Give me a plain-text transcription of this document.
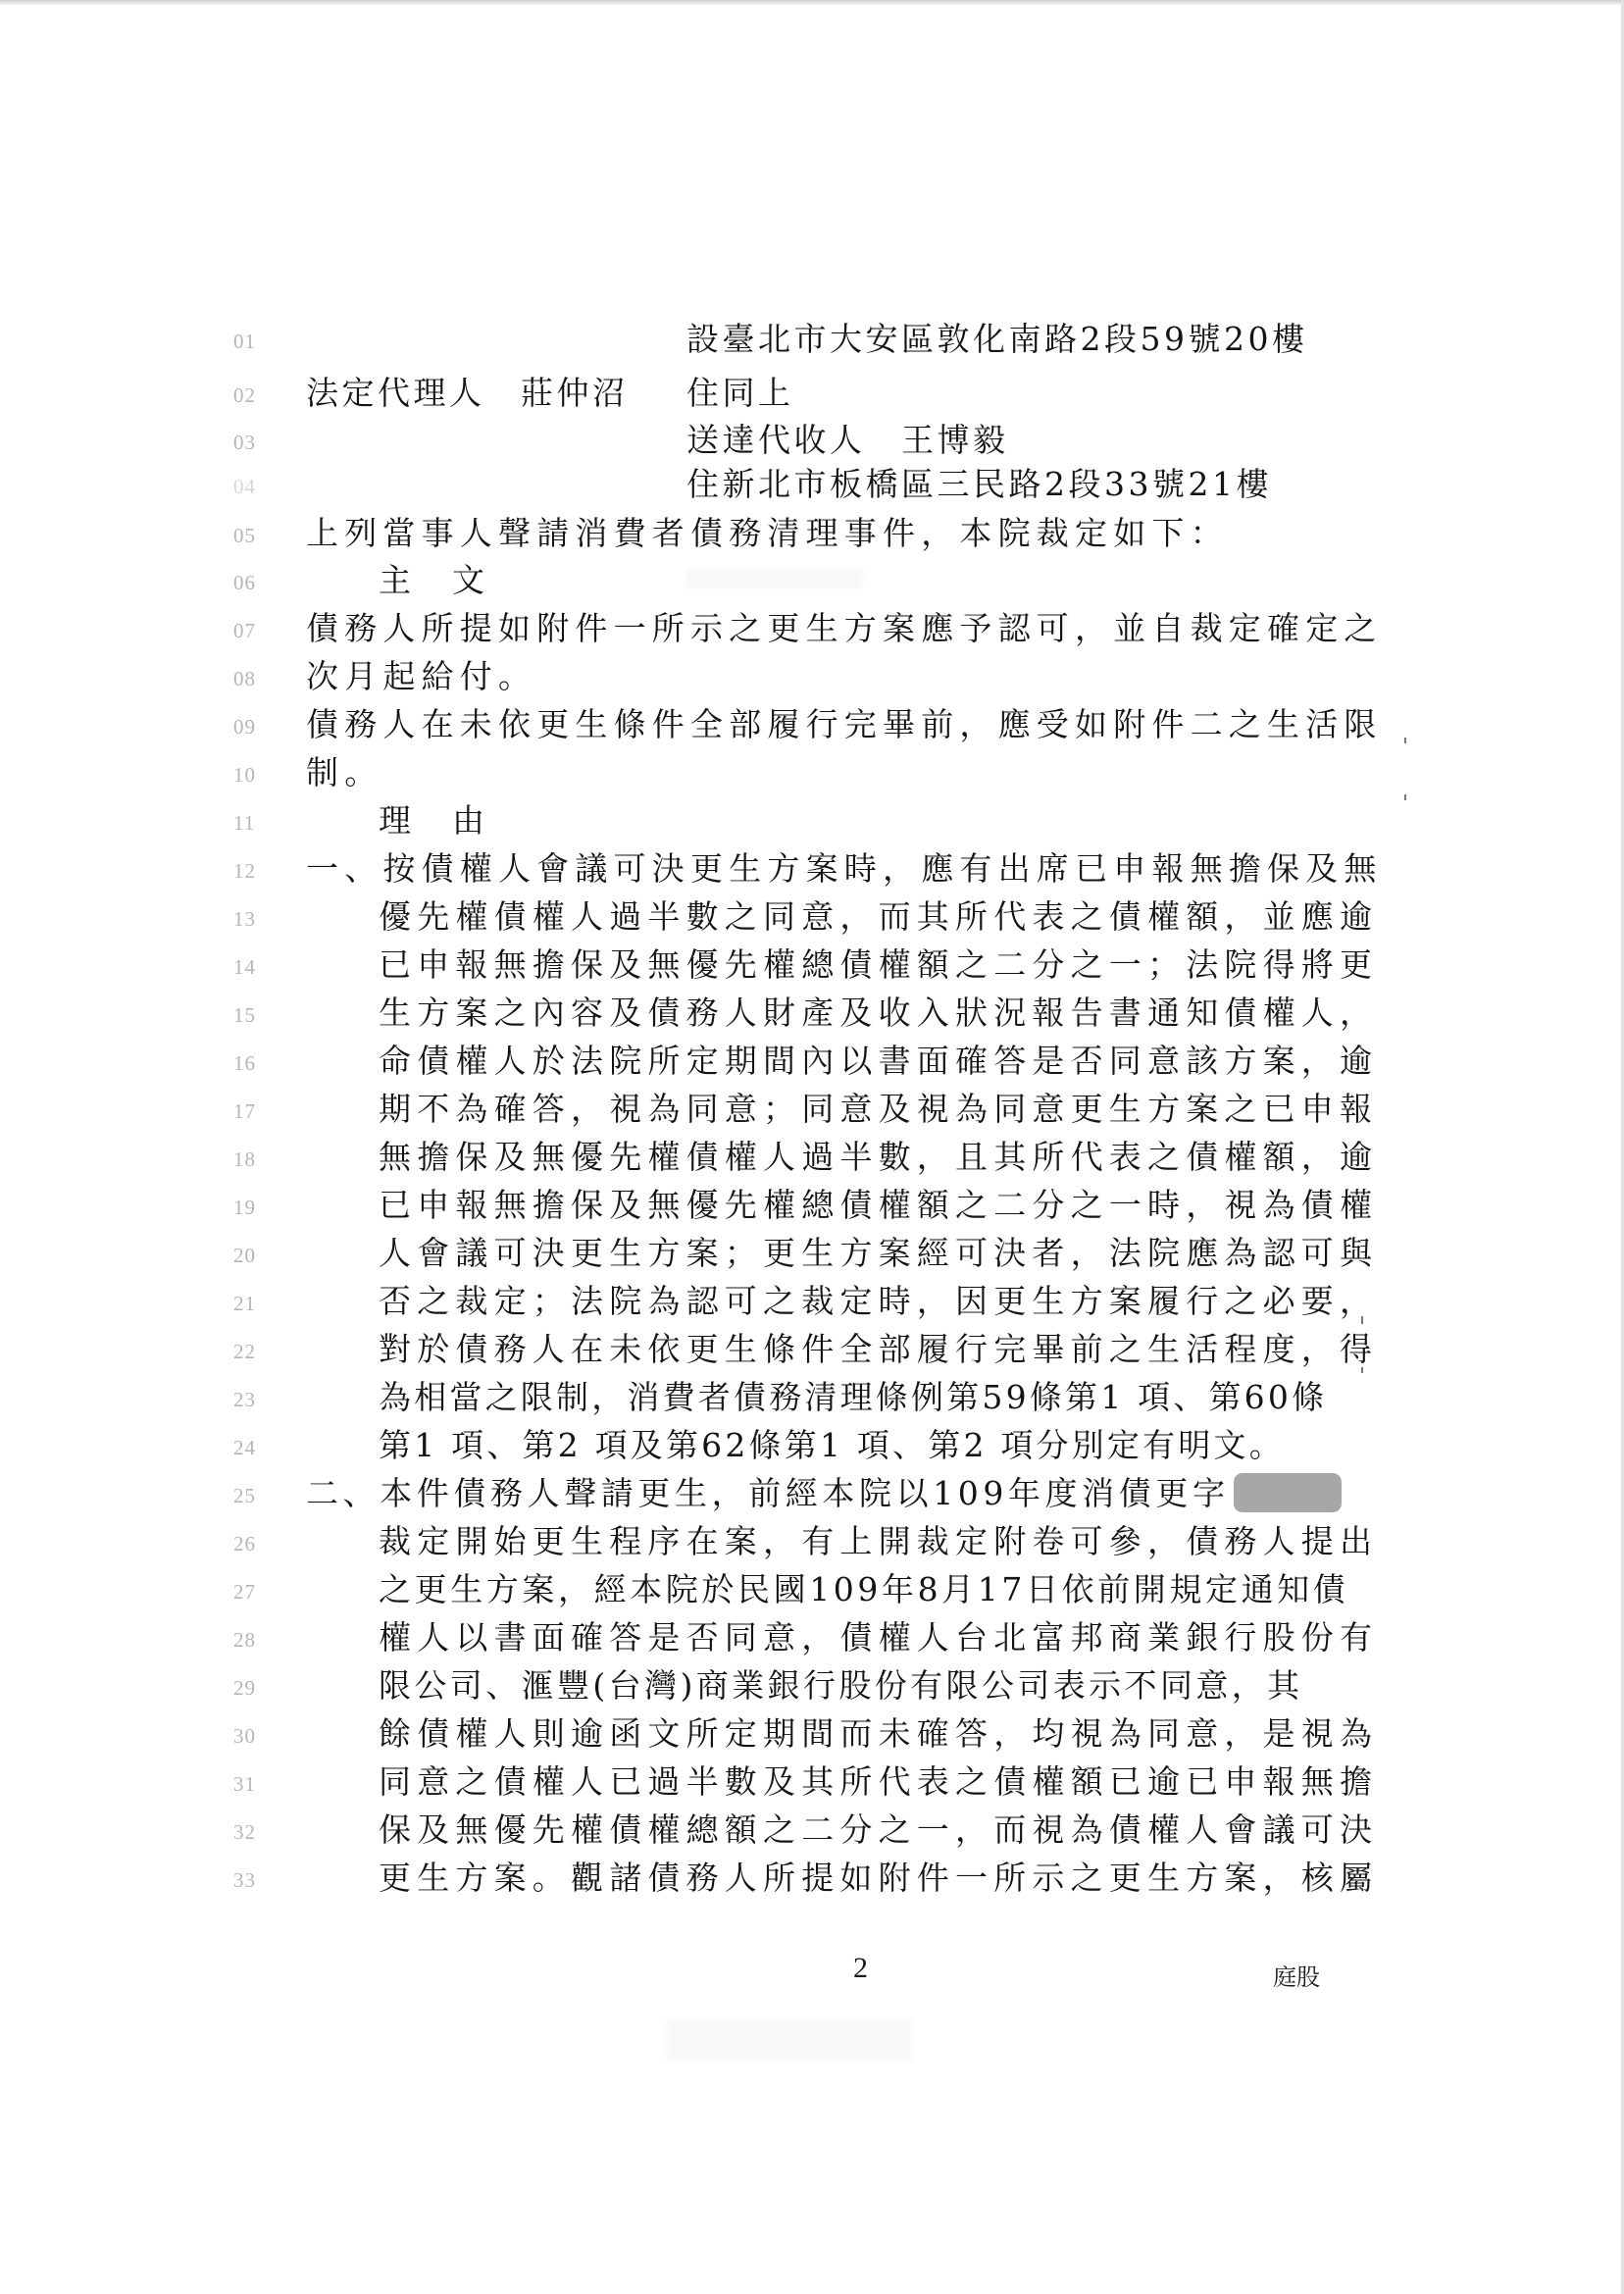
01	設臺北市大安區敦化南路2段59號20樓
02	法定代理人　莊仲沼 住同上
03	送達代收人　王博毅
04	住新北市板橋區三民路2段33號21樓
05	上列當事人聲請消費者債務清理事件，本院裁定如下：
06	主文
07	債務人所提如附件一所示之更生方案應予認可，並自裁定確定之
08	次月起給付。
09	債務人在未依更生條件全部履行完畢前，應受如附件二之生活限
10	制。
11	理由
12	一、按債權人會議可決更生方案時，應有出席已申報無擔保及無
13	優先權債權人過半數之同意，而其所代表之債權額，並應逾
14	已申報無擔保及無優先權總債權額之二分之一；法院得將更
15	生方案之內容及債務人財產及收入狀況報告書通知債權人，
16	命債權人於法院所定期間內以書面確答是否同意該方案，逾
17	期不為確答，視為同意；同意及視為同意更生方案之已申報
18	無擔保及無優先權債權人過半數，且其所代表之債權額，逾
19	已申報無擔保及無優先權總債權額之二分之一時，視為債權
20	人會議可決更生方案；更生方案經可決者，法院應為認可與
21	否之裁定；法院為認可之裁定時，因更生方案履行之必要，
22	對於債務人在未依更生條件全部履行完畢前之生活程度，得
23	為相當之限制，消費者債務清理條例第59條第1 項、第60條
24	第1 項、第2 項及第62條第1 項、第2 項分別定有明文。
25	二、本件債務人聲請更生，前經本院以109年度消債更字
26	裁定開始更生程序在案，有上開裁定附卷可參，債務人提出
27	之更生方案，經本院於民國109年8月17日依前開規定通知債
28	權人以書面確答是否同意，債權人台北富邦商業銀行股份有
29	限公司、滙豐(台灣)商業銀行股份有限公司表示不同意，其
30	餘債權人則逾函文所定期間而未確答，均視為同意，是視為
31	同意之債權人已過半數及其所代表之債權額已逾已申報無擔
32	保及無優先權債權總額之二分之一，而視為債權人會議可決
33	更生方案。觀諸債務人所提如附件一所示之更生方案，核屬
2	庭股
